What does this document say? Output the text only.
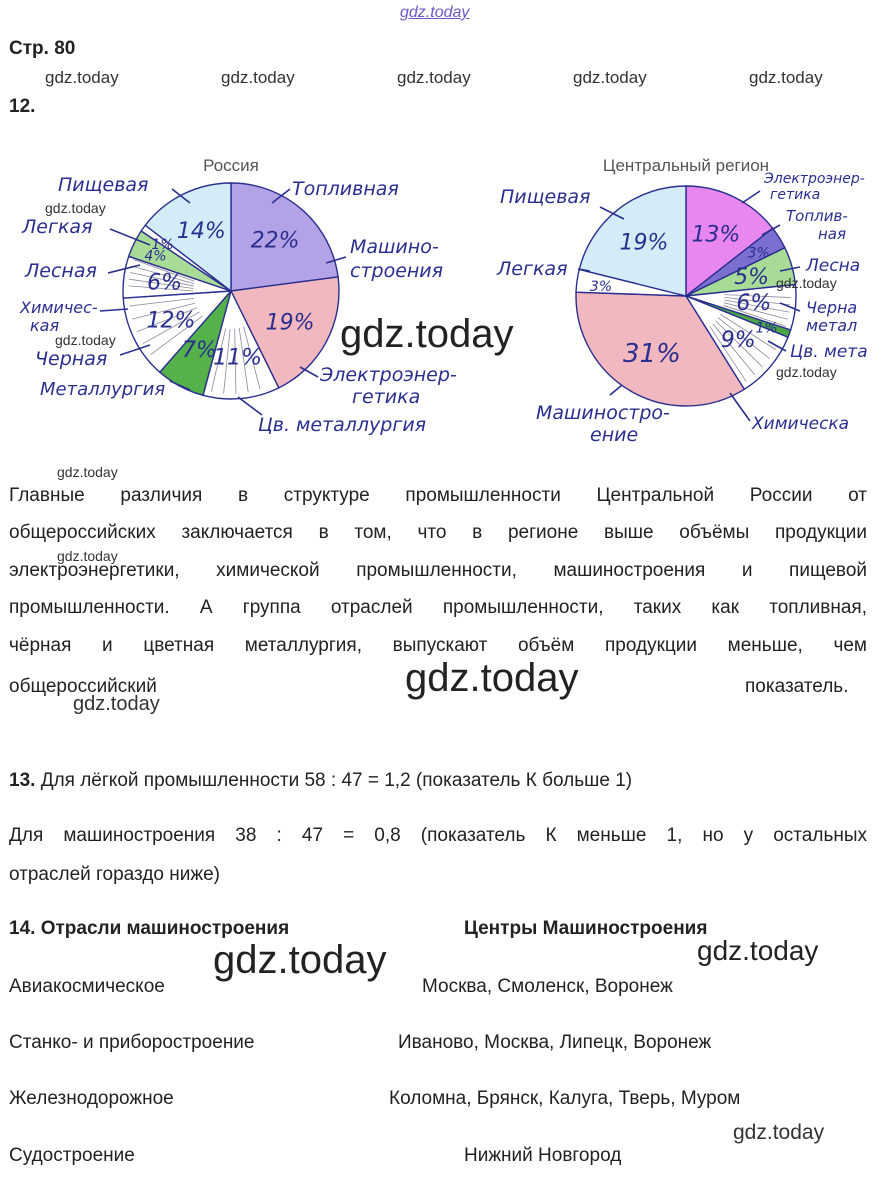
gdz.today
Стр. 80
gdz.today	gdz.today	gdz.today	gdz.today	gdz.today
12.
Россия
22%
19%
11%
7%
12%
6%
4%
1%
14%
Пищевая
Легкая
Лесная
Химичес-
кая
Черная
Металлургия
Топливная
Машино-
строения
Электроэнер-
гетика
Цв. металлургия
Центральный регион
13%
3%
5%
6%
1%
9%
31%
3%
19%
Пищевая
Легкая
Электроэнер-
гетика
Топлив-
ная
Лесна
Черна
метал
Цв. мета
Химическа
Машиностро-
ение
gdz.today
gdz.today	gdz.today
gdz.today
gdz.today
gdz.today
gdz.today
Главные различия в структуре промышленности Центральной России от
общероссийских заключается в том, что в регионе выше объёмы продукции
электроэнергетики, химической промышленности, машиностроения и пищевой
промышленности. А группа отраслей промышленности, таких как топливная,
чёрная и цветная металлургия, выпускают объём продукции меньше, чем
общероссийский	показатель.
gdz.today
gdz.today
13. Для лёгкой промышленности 58 : 47 = 1,2 (показатель К больше 1)
Для машиностроения 38 : 47 = 0,8 (показатель К меньше 1, но у остальных
отраслей гораздо ниже)
14. Отрасли машиностроения	Центры Машиностроения
gdz.today
gdz.today
Авиакосмическое	Москва, Смоленск, Воронеж
Станко- и приборостроение	Иваново, Москва, Липецк, Воронеж
Железнодорожное	Коломна, Брянск, Калуга, Тверь, Муром
gdz.today
Судостроение	Нижний Новгород
